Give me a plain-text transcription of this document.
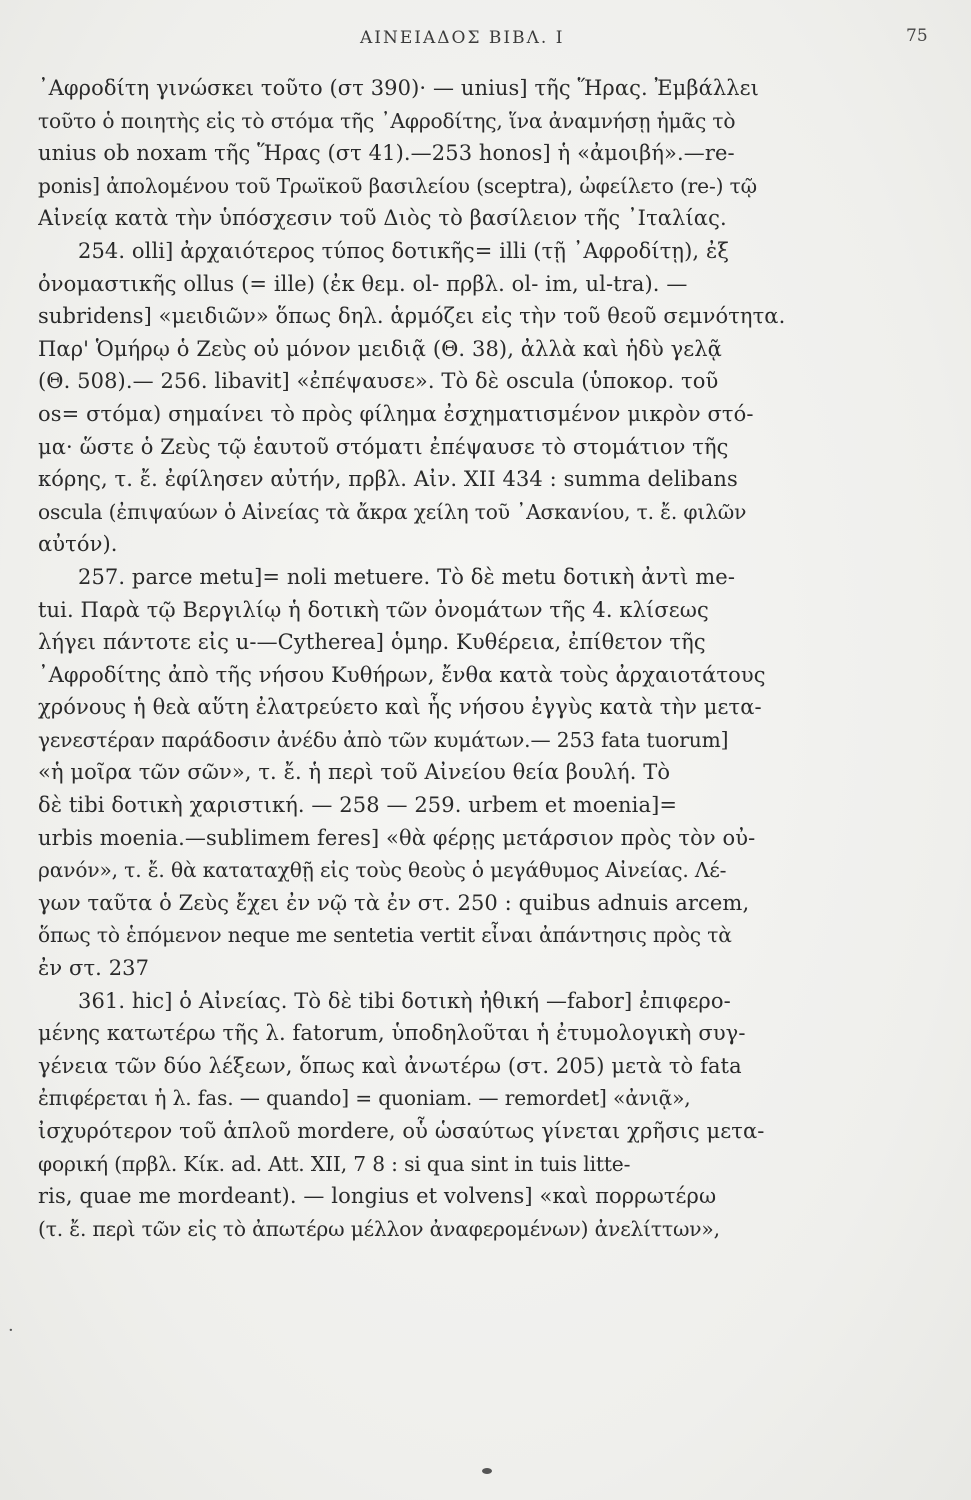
ΑΙΝΕΙΑΔΟΣ ΒΙΒΛ. Ι	75
᾿Αφροδίτη γινώσκει τοῦτο (στ 390)· — unius] τῆς Ἥρας. Ἐμβάλλει
τοῦτο ὁ ποιητὴς εἰς τὸ στόμα τῆς ᾿Αφροδίτης, ἵνα ἀναμνήσῃ ἡμᾶς τὸ
unius ob noxam τῆς Ἥρας (στ 41).—253 honos] ἡ «ἀμοιβή».—re-
ponis] ἀπολομένου τοῦ Τρωϊκοῦ βασιλείου (sceptra), ὠφείλετο (re-) τῷ
Αἰνείᾳ κατὰ τὴν ὑπόσχεσιν τοῦ Διὸς τὸ βασίλειον τῆς ᾿Ιταλίας.
254. olli] ἀρχαιότερος τύπος δοτικῆς= illi (τῇ ᾿Αφροδίτῃ), ἐξ
ὀνομαστικῆς ollus (= ille) (ἐκ θεμ. ol- πρβλ. ol- im, ul-tra). —
subridens] «μειδιῶν» ὅπως δηλ. ἁρμόζει εἰς τὴν τοῦ θεοῦ σεμνότητα.
Παρ' Ὁμήρῳ ὁ Ζεὺς οὐ μόνον μειδιᾷ (Θ. 38), ἀλλὰ καὶ ἡδὺ γελᾷ
(Θ. 508).— 256. libavit] «ἐπέψαυσε». Τὸ δὲ oscula (ὑποκορ. τοῦ
os= στόμα) σημαίνει τὸ πρὸς φίλημα ἐσχηματισμένον μικρὸν στό-
μα· ὥστε ὁ Ζεὺς τῷ ἑαυτοῦ στόματι ἐπέψαυσε τὸ στομάτιον τῆς
κόρης, τ. ἔ. ἐφίλησεν αὐτήν, πρβλ. Αἰν. XII 434 : summa delibans
oscula (ἐπιψαύων ὁ Αἰνείας τὰ ἄκρα χείλη τοῦ ᾿Ασκανίου, τ. ἔ. φιλῶν
αὐτόν).
257. parce metu]= noli metuere. Τὸ δὲ metu δοτικὴ ἀντὶ me-
tui. Παρὰ τῷ Βεργιλίῳ ἡ δοτικὴ τῶν ὀνομάτων τῆς 4. κλίσεως
λήγει πάντοτε εἰς u-—Cytherea] ὁμηρ. Κυθέρεια, ἐπίθετον τῆς
᾿Αφροδίτης ἀπὸ τῆς νήσου Κυθήρων, ἔνθα κατὰ τοὺς ἀρχαιοτάτους
χρόνους ἡ θεὰ αὕτη ἐλατρεύετο καὶ ἧς νήσου ἐγγὺς κατὰ τὴν μετα-
γενεστέραν παράδοσιν ἀνέδυ ἀπὸ τῶν κυμάτων.— 253 fata tuorum]
«ἡ μοῖρα τῶν σῶν», τ. ἔ. ἡ περὶ τοῦ Αἰνείου θεία βουλή. Τὸ
δὲ tibi δοτικὴ χαριστική. — 258 — 259. urbem et moenia]=
urbis moenia.—sublimem feres] «θὰ φέρῃς μετάρσιον πρὸς τὸν οὐ-
ρανόν», τ. ἔ. θὰ καταταχθῇ εἰς τοὺς θεοὺς ὁ μεγάθυμος Αἰνείας. Λέ-
γων ταῦτα ὁ Ζεὺς ἔχει ἐν νῷ τὰ ἐν στ. 250 : quibus adnuis arcem,
ὅπως τὸ ἑπόμενον neque me sentetia vertit εἶναι ἀπάντησις πρὸς τὰ
ἐν στ. 237
361. hic] ὁ Αἰνείας. Τὸ δὲ tibi δοτικὴ ἠθική —fabor] ἐπιφερο-
μένης κατωτέρω τῆς λ. fatorum, ὑποδηλοῦται ἡ ἐτυμολογικὴ συγ-
γένεια τῶν δύο λέξεων, ὅπως καὶ ἀνωτέρω (στ. 205) μετὰ τὸ fata
ἐπιφέρεται ἡ λ. fas. — quando] = quoniam. — remordet] «ἀνιᾷ»,
ἰσχυρότερον τοῦ ἁπλοῦ mordere, οὗ ὡσαύτως γίνεται χρῆσις μετα-
φορική (πρβλ. Κίκ. ad. Att. XII, 7 8 : si qua sint in tuis litte-
ris, quae me mordeant). — longius et volvens] «καὶ πορρωτέρω
(τ. ἔ. περὶ τῶν εἰς τὸ ἀπωτέρω μέλλον ἀναφερομένων) ἀνελίττων»,
·
